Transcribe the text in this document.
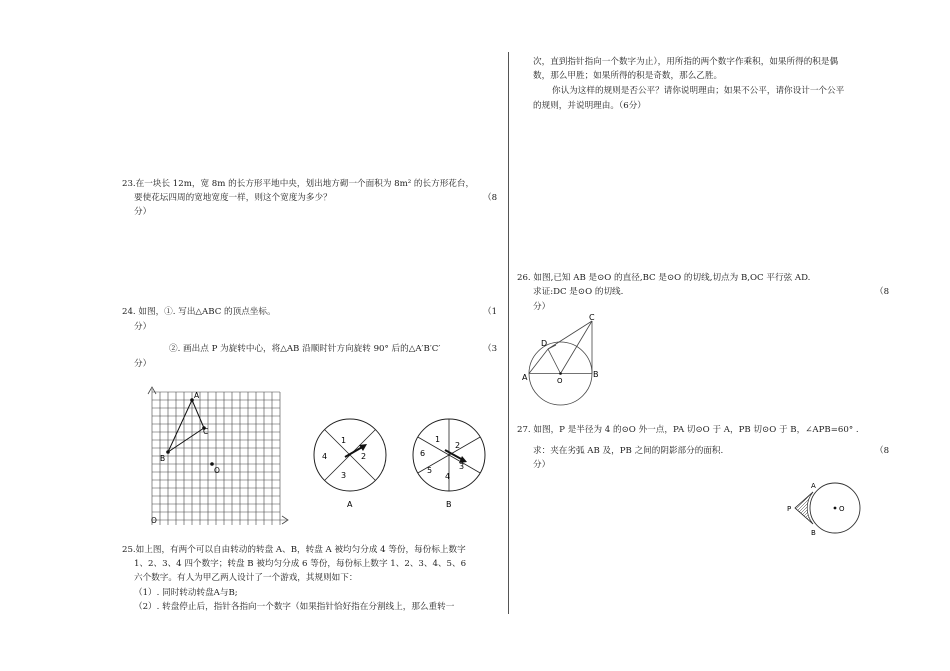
23.在一块长 12m，宽 8m 的长方形平地中央，划出地方砌一个面积为 8m² 的长方形花台，
要使花坛四周的宽地宽度一样，则这个宽度为多少？	（8
分）
24. 如图，①. 写出△ABC 的顶点坐标。	（1
分）
②. 画出点 P 为旋转中心，将△AB 沿顺时针方向旋转 90° 后的△A′B′C′	（3
分）
A
C
B
O
O
1
2
3
4
A
1
2
3
4
5
6
B
25.如上图，有两个可以自由转动的转盘 A、B，转盘 A 被均匀分成 4 等份，每份标上数字
1、2、3、4 四个数字；转盘 B 被均匀分成 6 等份，每份标上数字 1、2、3、4、5、6
六个数字。有人为甲乙两人设计了一个游戏，其规则如下：
（1）. 同时转动转盘A与B;
（2）. 转盘停止后，指针各指向一个数字（如果指针恰好指在分割线上，那么重转一
次，直到指针指向一个数字为止），用所指的两个数字作乘积，如果所得的积是偶
数，那么甲胜；如果所得的积是奇数，那么乙胜。
你认为这样的规则是否公平？请你说明理由；如果不公平，请你设计一个公平
的规则，并说明理由。（6分）
26. 如图,已知 AB 是⊙O 的直径,BC 是⊙O 的切线,切点为 B,OC 平行弦 AD.
求证:DC 是⊙O 的切线.	（8
分）
C
D
A	B
O
27. 如图，P 是半径为 4 的⊙O 外一点，PA 切⊙O 于 A，PB 切⊙O 于 B，∠APB=60° .
求：夹在劣弧 AB 及，PB 之间的阴影部分的面积.	（8
分）
A
B
P	O
